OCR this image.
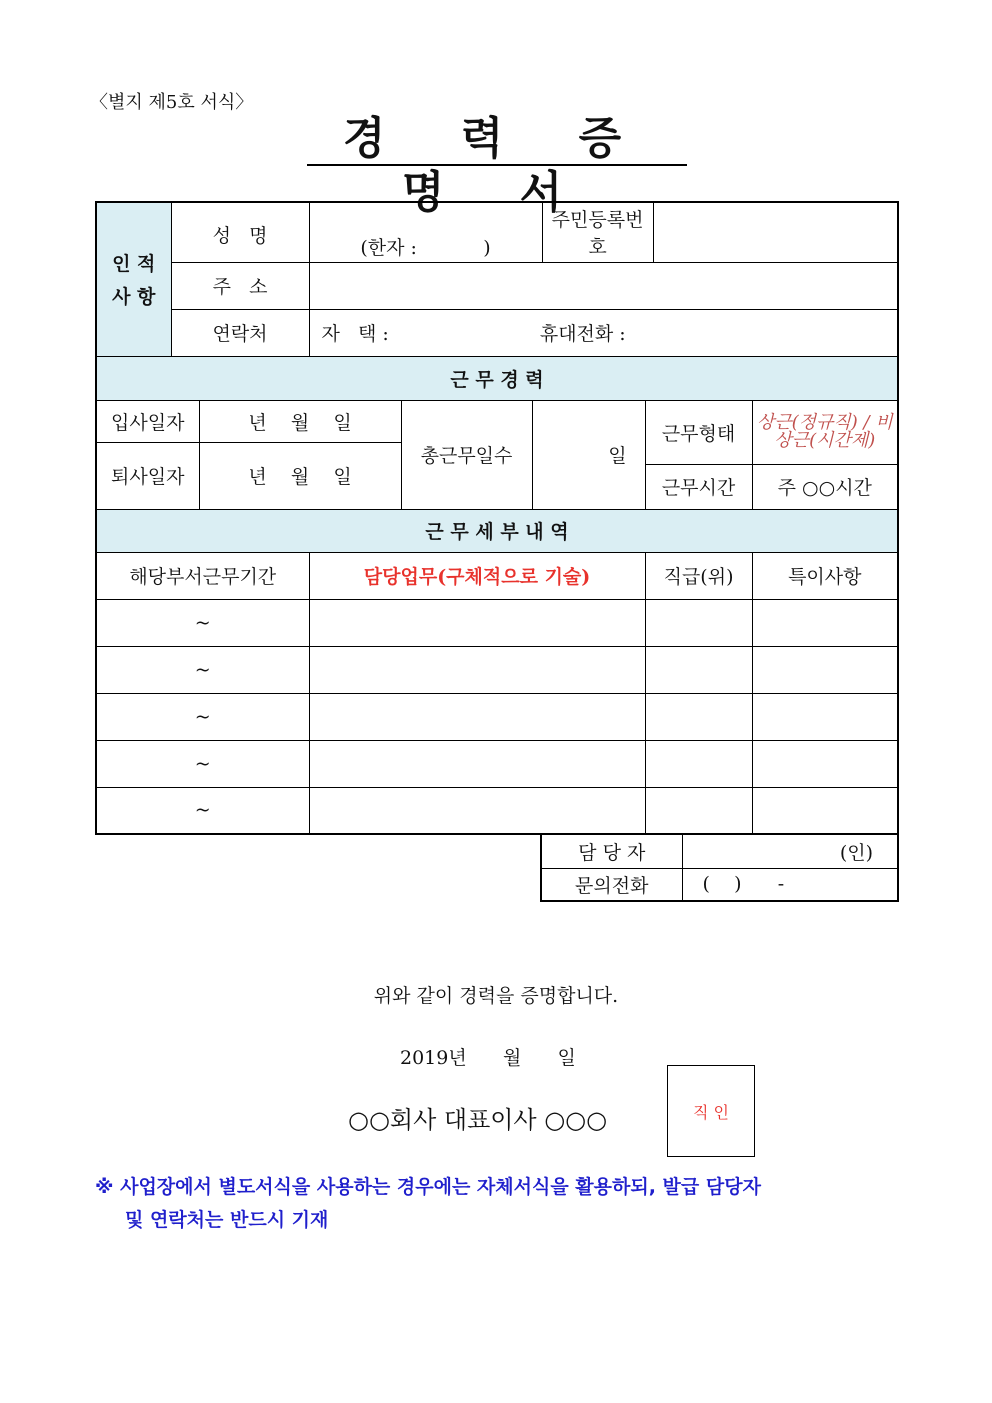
〈별지 제5호 서식〉
경 력 증 명 서
인 적
사 항	성   명		(한자 :           )			주민등록번호			
	주   소								
	연락처		자   택 : 휴대전화 :						
근 무 경 력									
입사일자		년    월    일		총근무일수	일		근무형태		상근(정규직) / 비상근(시간제)
퇴사일자		년    월    일							
							근무시간		주 ○○시간
근 무 세 부 내 역									
해당부서근무기간			담당업무(구체적으로 기술)				직급(위)		특이사항
~									
~									
~									
~									
~									
담 당 자	(인)
문의전화	(    )      -
위와 같이 경력을 증명합니다.
2019년      월      일
○○회사 대표이사 ○○○	직 인
※ 사업장에서 별도서식을 사용하는 경우에는 자체서식을 활용하되, 발급 담당자
및 연락처는 반드시 기재
